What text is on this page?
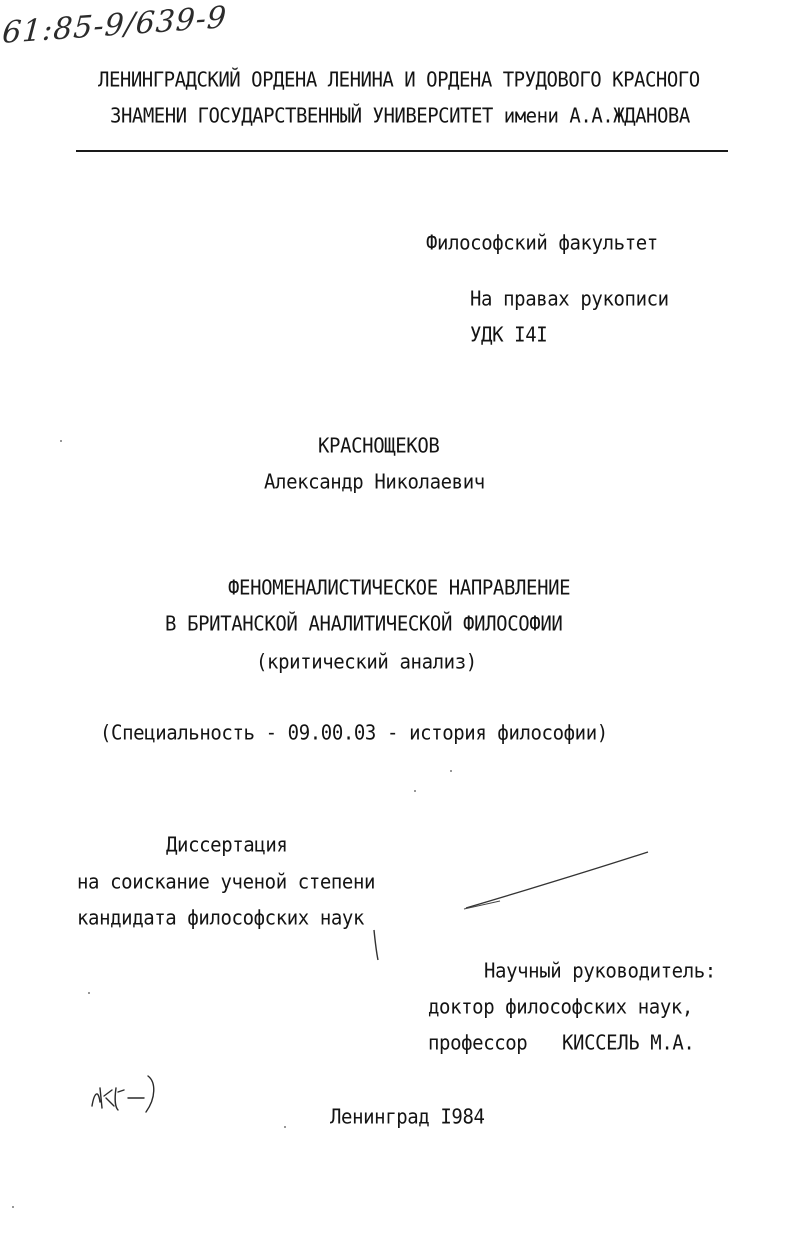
61:85-9/639-9
ЛЕНИНГРАДСКИЙ ОРДЕНА ЛЕНИНА И ОРДЕНА ТРУДОВОГО КРАСНОГО
ЗНАМЕНИ ГОСУДАРСТВЕННЫЙ УНИВЕРСИТЕТ имени А.А.ЖДАНОВА
Философский факультет
На правах рукописи
УДК I4I
КРАСНОЩЕКОВ
Александр Николаевич
ФЕНОМЕНАЛИСТИЧЕСКОЕ НАПРАВЛЕНИЕ
В БРИТАНСКОЙ АНАЛИТИЧЕСКОЙ ФИЛОСОФИИ
(критический анализ)
(Специальность - 09.00.03 - история философии)
Диссертация
на соискание ученой степени
кандидата философских наук
Научный руководитель:
доктор философских наук,
профессор КИССЕЛЬ М.А.
Ленинград I984
